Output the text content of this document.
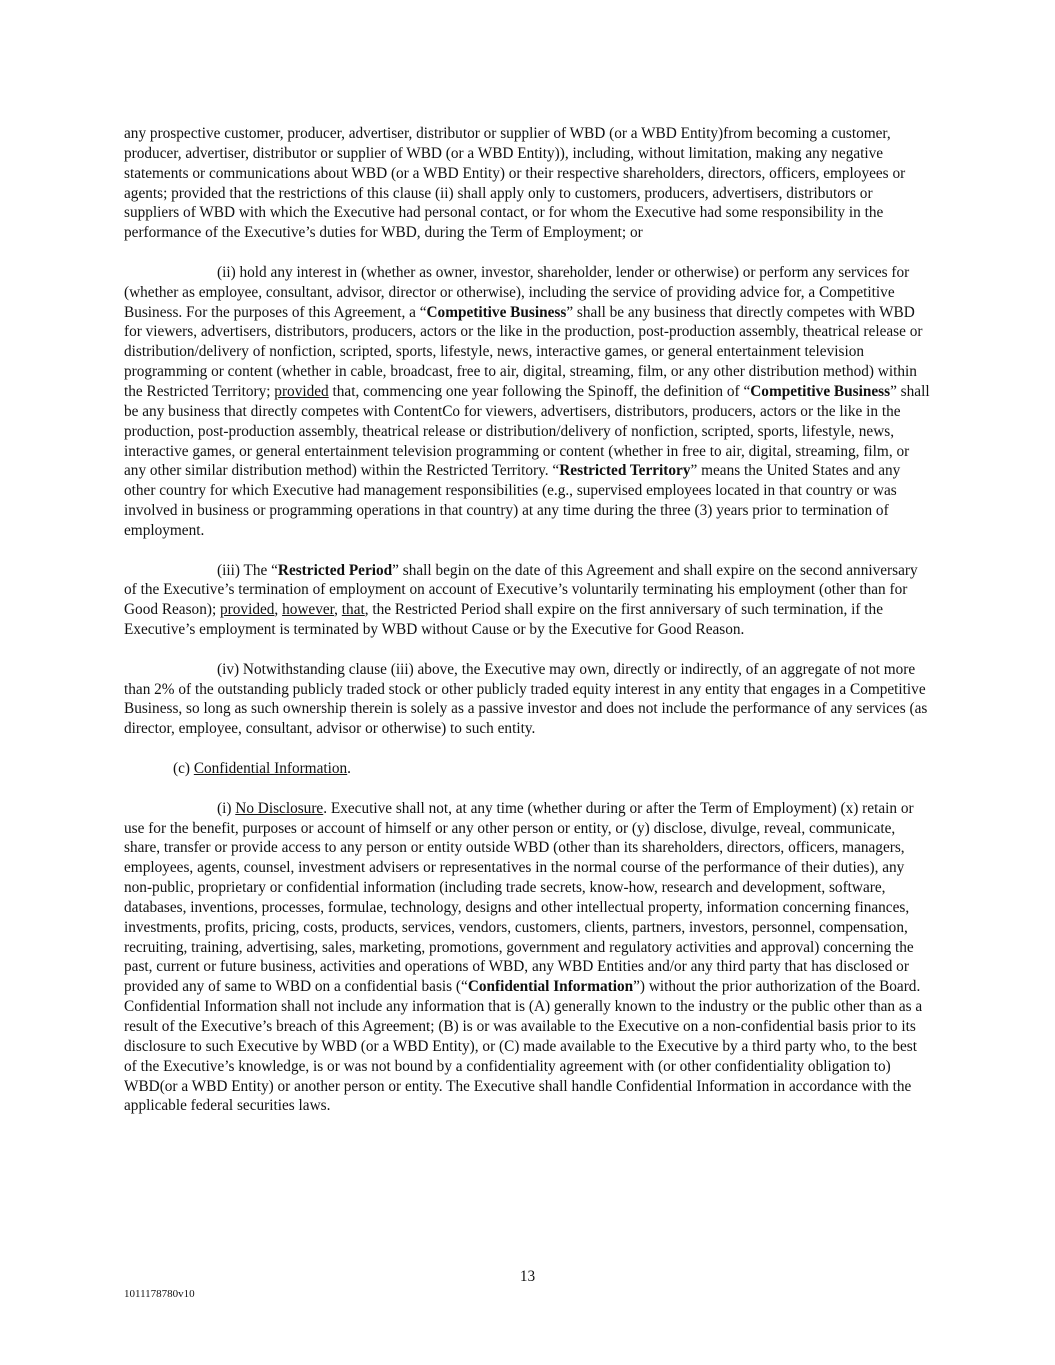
any prospective customer, producer, advertiser, distributor or supplier of WBD (or a WBD Entity)from becoming a customer, producer, advertiser, distributor or supplier of WBD (or a WBD Entity)), including, without limitation, making any negative statements or communications about WBD (or a WBD Entity) or their respective shareholders, directors, officers, employees or agents; provided that the restrictions of this clause (ii) shall apply only to customers, producers, advertisers, distributors or suppliers of WBD with which the Executive had personal contact, or for whom the Executive had some responsibility in the performance of the Executive’s duties for WBD, during the Term of Employment; or

(ii) hold any interest in (whether as owner, investor, shareholder, lender or otherwise) or perform any services for (whether as employee, consultant, advisor, director or otherwise), including the service of providing advice for, a Competitive Business. For the purposes of this Agreement, a “Competitive Business” shall be any business that directly competes with WBD for viewers, advertisers, distributors, producers, actors or the like in the production, post-production assembly, theatrical release or distribution/delivery of nonfiction, scripted, sports, lifestyle, news, interactive games, or general entertainment television programming or content (whether in cable, broadcast, free to air, digital, streaming, film, or any other distribution method) within the Restricted Territory; provided that, commencing one year following the Spinoff, the definition of “Competitive Business” shall be any business that directly competes with ContentCo for viewers, advertisers, distributors, producers, actors or the like in the production, post-production assembly, theatrical release or distribution/delivery of nonfiction, scripted, sports, lifestyle, news, interactive games, or general entertainment television programming or content (whether in free to air, digital, streaming, film, or any other similar distribution method) within the Restricted Territory. “Restricted Territory” means the United States and any other country for which Executive had management responsibilities (e.g., supervised employees located in that country or was involved in business or programming operations in that country) at any time during the three (3) years prior to termination of employment.

(iii) The “Restricted Period” shall begin on the date of this Agreement and shall expire on the second anniversary of the Executive’s termination of employment on account of Executive’s voluntarily terminating his employment (other than for Good Reason); provided, however, that, the Restricted Period shall expire on the first anniversary of such termination, if the Executive’s employment is terminated by WBD without Cause or by the Executive for Good Reason.

(iv) Notwithstanding clause (iii) above, the Executive may own, directly or indirectly, of an aggregate of not more than 2% of the outstanding publicly traded stock or other publicly traded equity interest in any entity that engages in a Competitive Business, so long as such ownership therein is solely as a passive investor and does not include the performance of any services (as director, employee, consultant, advisor or otherwise) to such entity.

(c) Confidential Information.

(i) No Disclosure. Executive shall not, at any time (whether during or after the Term of Employment) (x) retain or use for the benefit, purposes or account of himself or any other person or entity, or (y) disclose, divulge, reveal, communicate, share, transfer or provide access to any person or entity outside WBD (other than its shareholders, directors, officers, managers, employees, agents, counsel, investment advisers or representatives in the normal course of the performance of their duties), any non-public, proprietary or confidential information (including trade secrets, know-how, research and development, software, databases, inventions, processes, formulae, technology, designs and other intellectual property, information concerning finances, investments, profits, pricing, costs, products, services, vendors, customers, clients, partners, investors, personnel, compensation, recruiting, training, advertising, sales, marketing, promotions, government and regulatory activities and approval) concerning the past, current or future business, activities and operations of WBD, any WBD Entities and/or any third party that has disclosed or provided any of same to WBD on a confidential basis (“Confidential Information”) without the prior authorization of the Board. Confidential Information shall not include any information that is (A) generally known to the industry or the public other than as a result of the Executive’s breach of this Agreement; (B) is or was available to the Executive on a non-confidential basis prior to its disclosure to such Executive by WBD (or a WBD Entity), or (C) made available to the Executive by a third party who, to the best of the Executive’s knowledge, is or was not bound by a confidentiality agreement with (or other confidentiality obligation to) WBD(or a WBD Entity) or another person or entity. The Executive shall handle Confidential Information in accordance with the applicable federal securities laws.

13
1011178780v10
